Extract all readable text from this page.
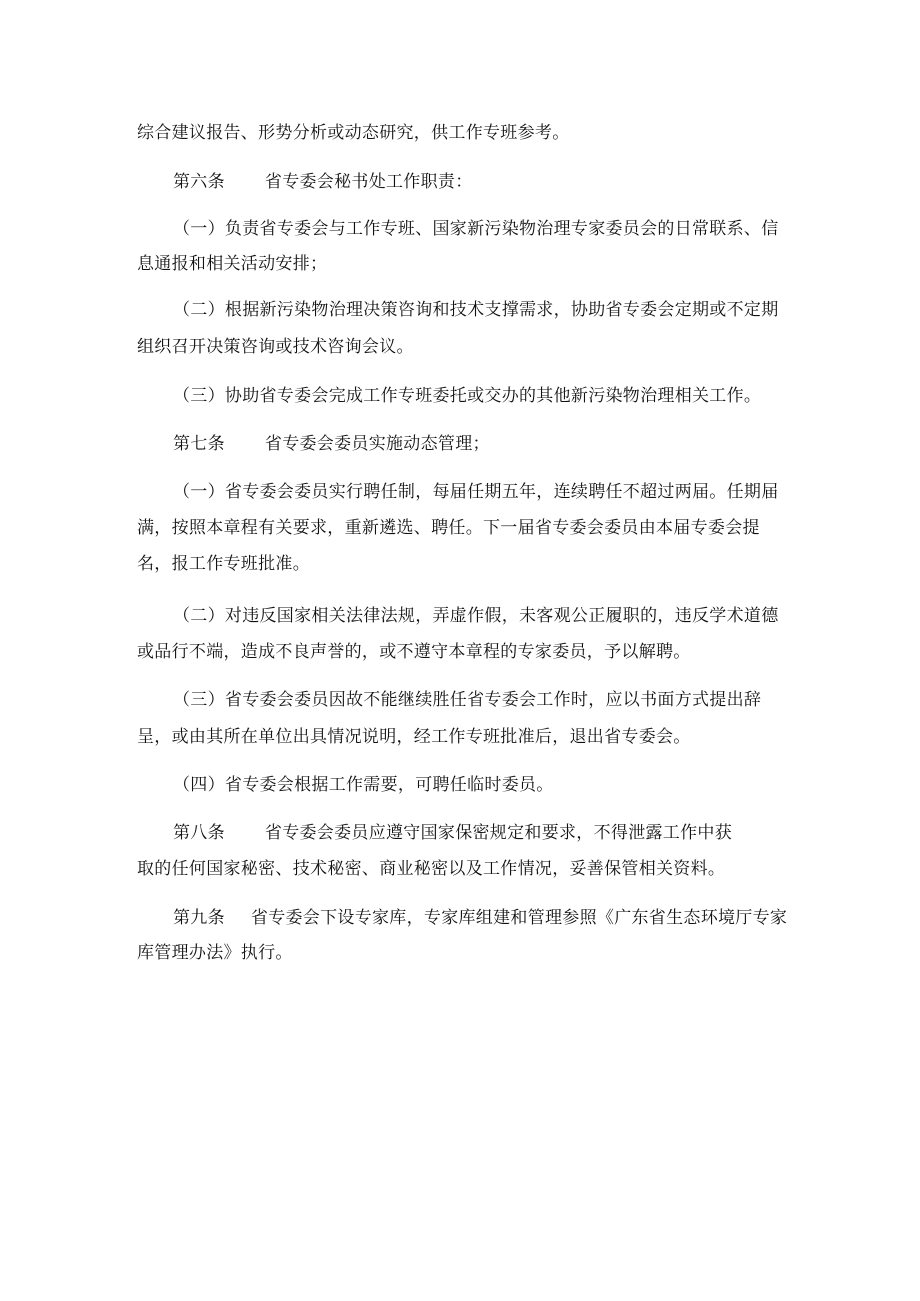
综合建议报告、形势分析或动态研究，供工作专班参考。
第六条 省专委会秘书处工作职责：
（一）负责省专委会与工作专班、国家新污染物治理专家委员会的日常联系、信
息通报和相关活动安排；
（二）根据新污染物治理决策咨询和技术支撑需求，协助省专委会定期或不定期
组织召开决策咨询或技术咨询会议。
（三）协助省专委会完成工作专班委托或交办的其他新污染物治理相关工作。
第七条 省专委会委员实施动态管理；
（一）省专委会委员实行聘任制，每届任期五年，连续聘任不超过两届。任期届
满，按照本章程有关要求，重新遴选、聘任。下一届省专委会委员由本届专委会提
名，报工作专班批准。
（二）对违反国家相关法律法规，弄虚作假，未客观公正履职的，违反学术道德
或品行不端，造成不良声誉的，或不遵守本章程的专家委员，予以解聘。
（三）省专委会委员因故不能继续胜任省专委会工作时，应以书面方式提出辞
呈，或由其所在单位出具情况说明，经工作专班批准后，退出省专委会。
（四）省专委会根据工作需要，可聘任临时委员。
第八条 省专委会委员应遵守国家保密规定和要求，不得泄露工作中获
取的任何国家秘密、技术秘密、商业秘密以及工作情况，妥善保管相关资料。
第九条 省专委会下设专家库，专家库组建和管理参照《广东省生态环境厅专家
库管理办法》执行。
